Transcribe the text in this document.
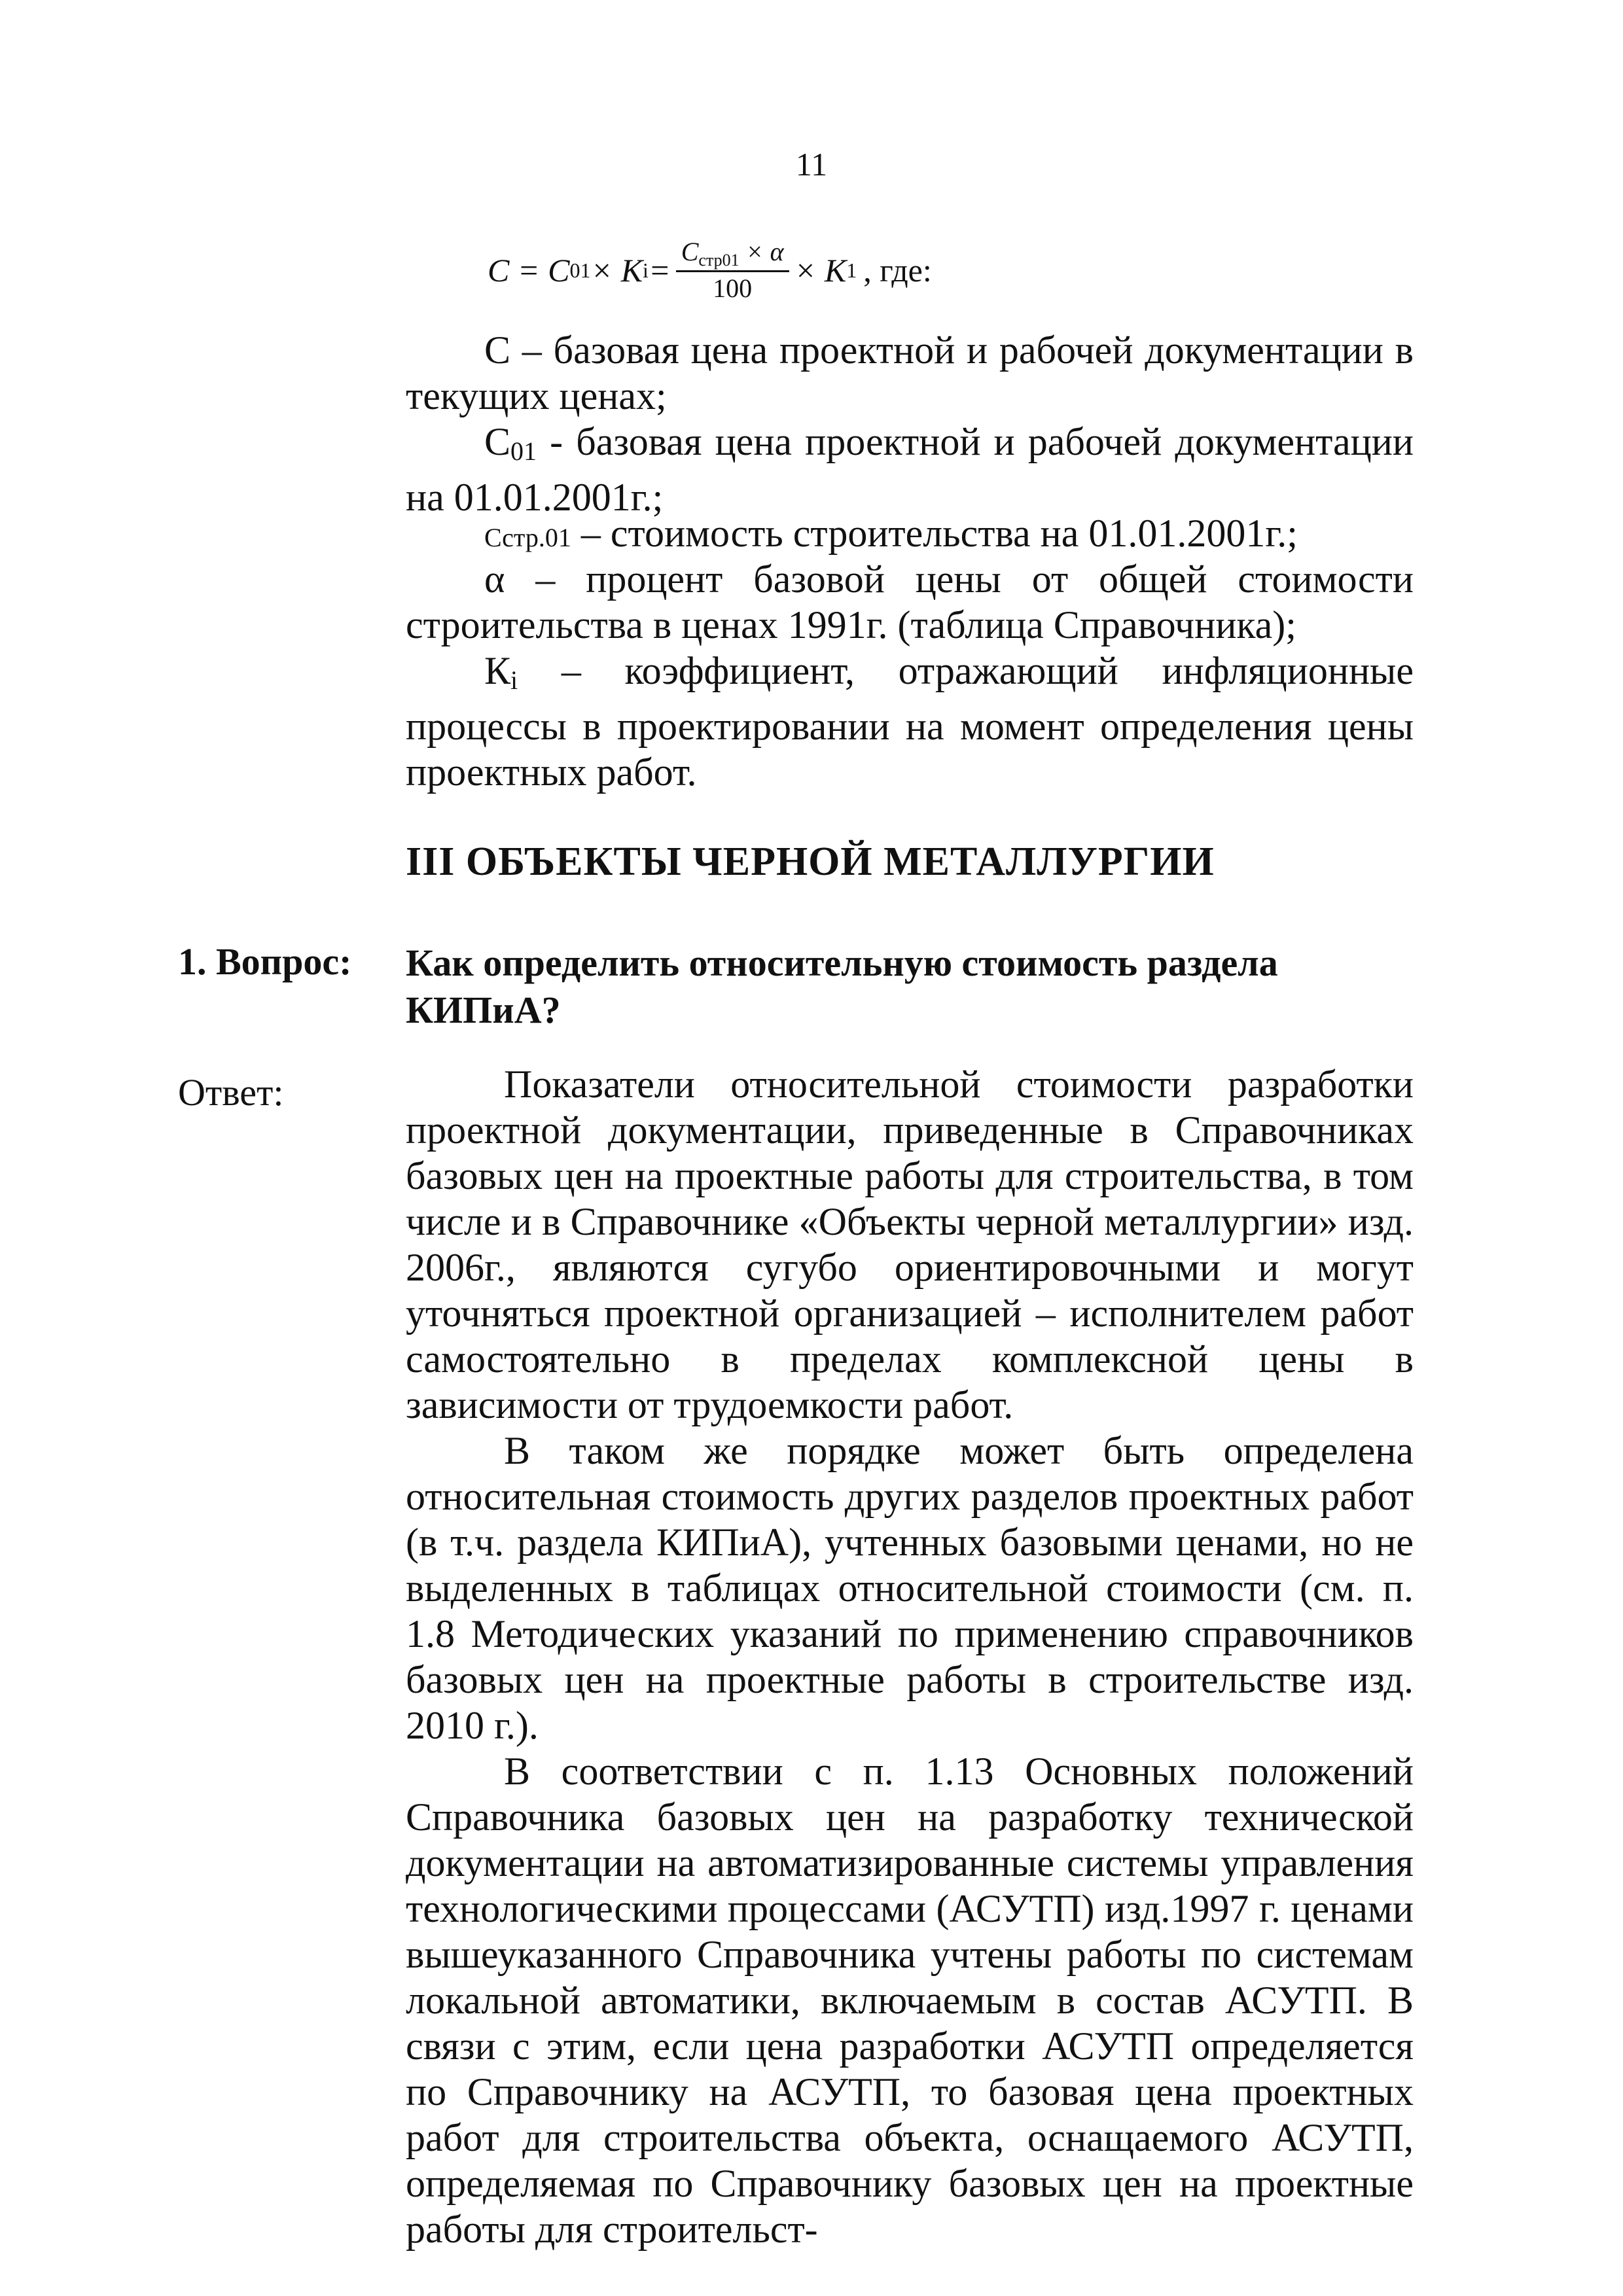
11
C = C 01 × K $i = \frac{C_{стр01} \times \alpha}{100} \times K$ 1 , где:

С – базовая цена проектной и рабочей документации в текущих ценах;

С01 - базовая цена проектной и рабочей документации на 01.01.2001г.;

Сстр.01 – стоимость строительства на 01.01.2001г.;

α – процент базовой цены от общей стоимости строительства в ценах 1991г. (таблица Справочника);

Кi – коэффициент, отражающий инфляционные процессы в проектировании на момент определения цены проектных работ.

III ОБЪЕКТЫ ЧЕРНОЙ МЕТАЛЛУРГИИ
1. Вопрос: Как определить относительную стоимость раздела КИПиА?
Ответ:	Показатели относительной стоимости разработки проектной документации, приведенные в Справочниках базовых цен на проектные работы для строительства, в том числе и в Справочнике «Объекты черной металлургии» изд. 2006г., являются сугубо ориентировочными и могут уточняться проектной организацией – исполнителем работ самостоятельно в пределах комплексной цены в зависимости от трудоемкости работ.

В таком же порядке может быть определена относительная стоимость других разделов проектных работ (в т.ч. раздела КИПиА), учтенных базовыми ценами, но не выделенных в таблицах относительной стоимости (см. п. 1.8 Методических указаний по применению справочников базовых цен на проектные работы в строительстве изд. 2010 г.).

В соответствии с п. 1.13 Основных положений Справочника базовых цен на разработку технической документации на автоматизированные системы управления технологическими процессами (АСУТП) изд.1997 г. ценами вышеуказанного Справочника учтены работы по системам локальной автоматики, включаемым в состав АСУТП. В связи с этим, если цена разработки АСУТП определяется по Справочнику на АСУТП, то базовая цена проектных работ для строительства объекта, оснащаемого АСУТП, определяемая по Справочнику базовых цен на проектные работы для строительст-
